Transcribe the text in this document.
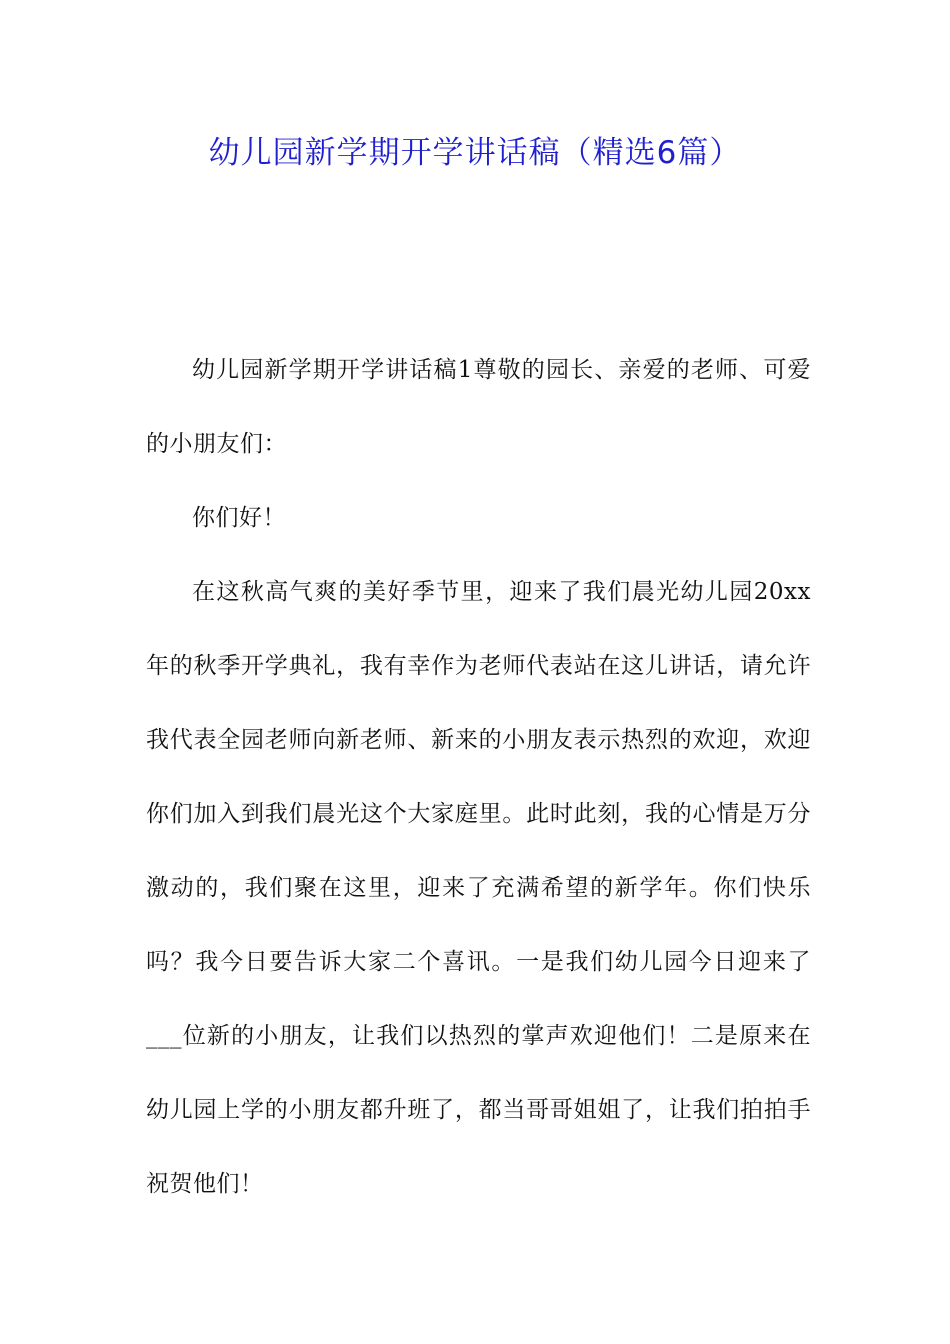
幼儿园新学期开学讲话稿（精选6篇）

幼儿园新学期开学讲话稿1尊敬的园长、亲爱的老师、可爱的小朋友们：

你们好！

在这秋高气爽的美好季节里，迎来了我们晨光幼儿园20xx年的秋季开学典礼，我有幸作为老师代表站在这儿讲话，请允许我代表全园老师向新老师、新来的小朋友表示热烈的欢迎，欢迎你们加入到我们晨光这个大家庭里。此时此刻，我的心情是万分激动的，我们聚在这里，迎来了充满希望的新学年。你们快乐吗？我今日要告诉大家二个喜讯。一是我们幼儿园今日迎来了___位新的小朋友，让我们以热烈的掌声欢迎他们！二是原来在幼儿园上学的小朋友都升班了，都当哥哥姐姐了，让我们拍拍手祝贺他们！
